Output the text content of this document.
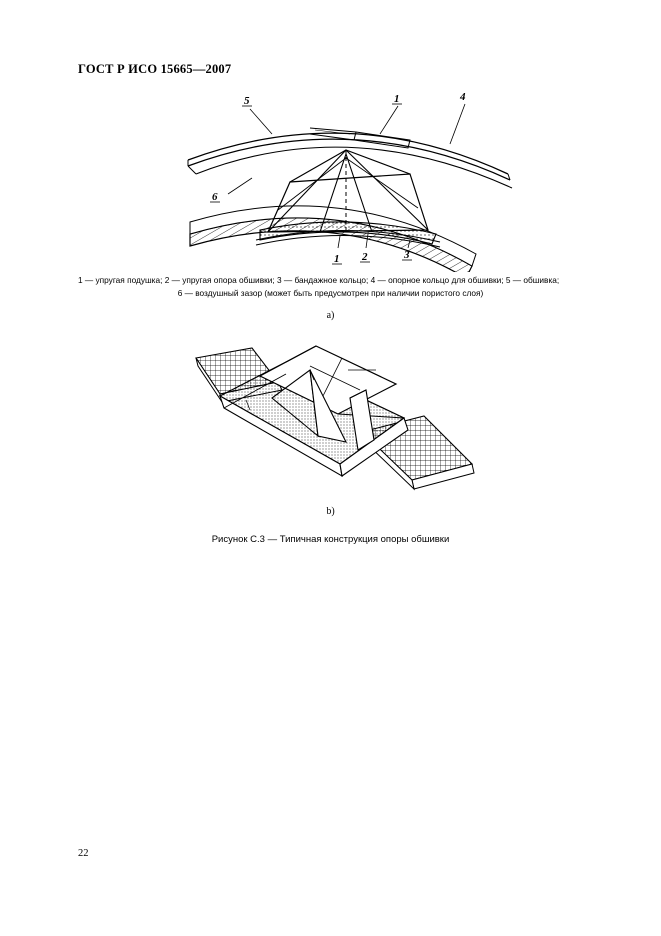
ГОСТ Р ИСО 15665—2007
5	1	4
6
1 2	3
1 — упругая подушка; 2 — упругая опора обшивки; 3 — бандажное кольцо; 4 — опорное кольцо для обшивки; 5 — обшивка;
6 — воздушный зазор (может быть предусмотрен при наличии пористого слоя)
a)
b)
Рисунок С.3 — Типичная конструкция опоры обшивки
22
